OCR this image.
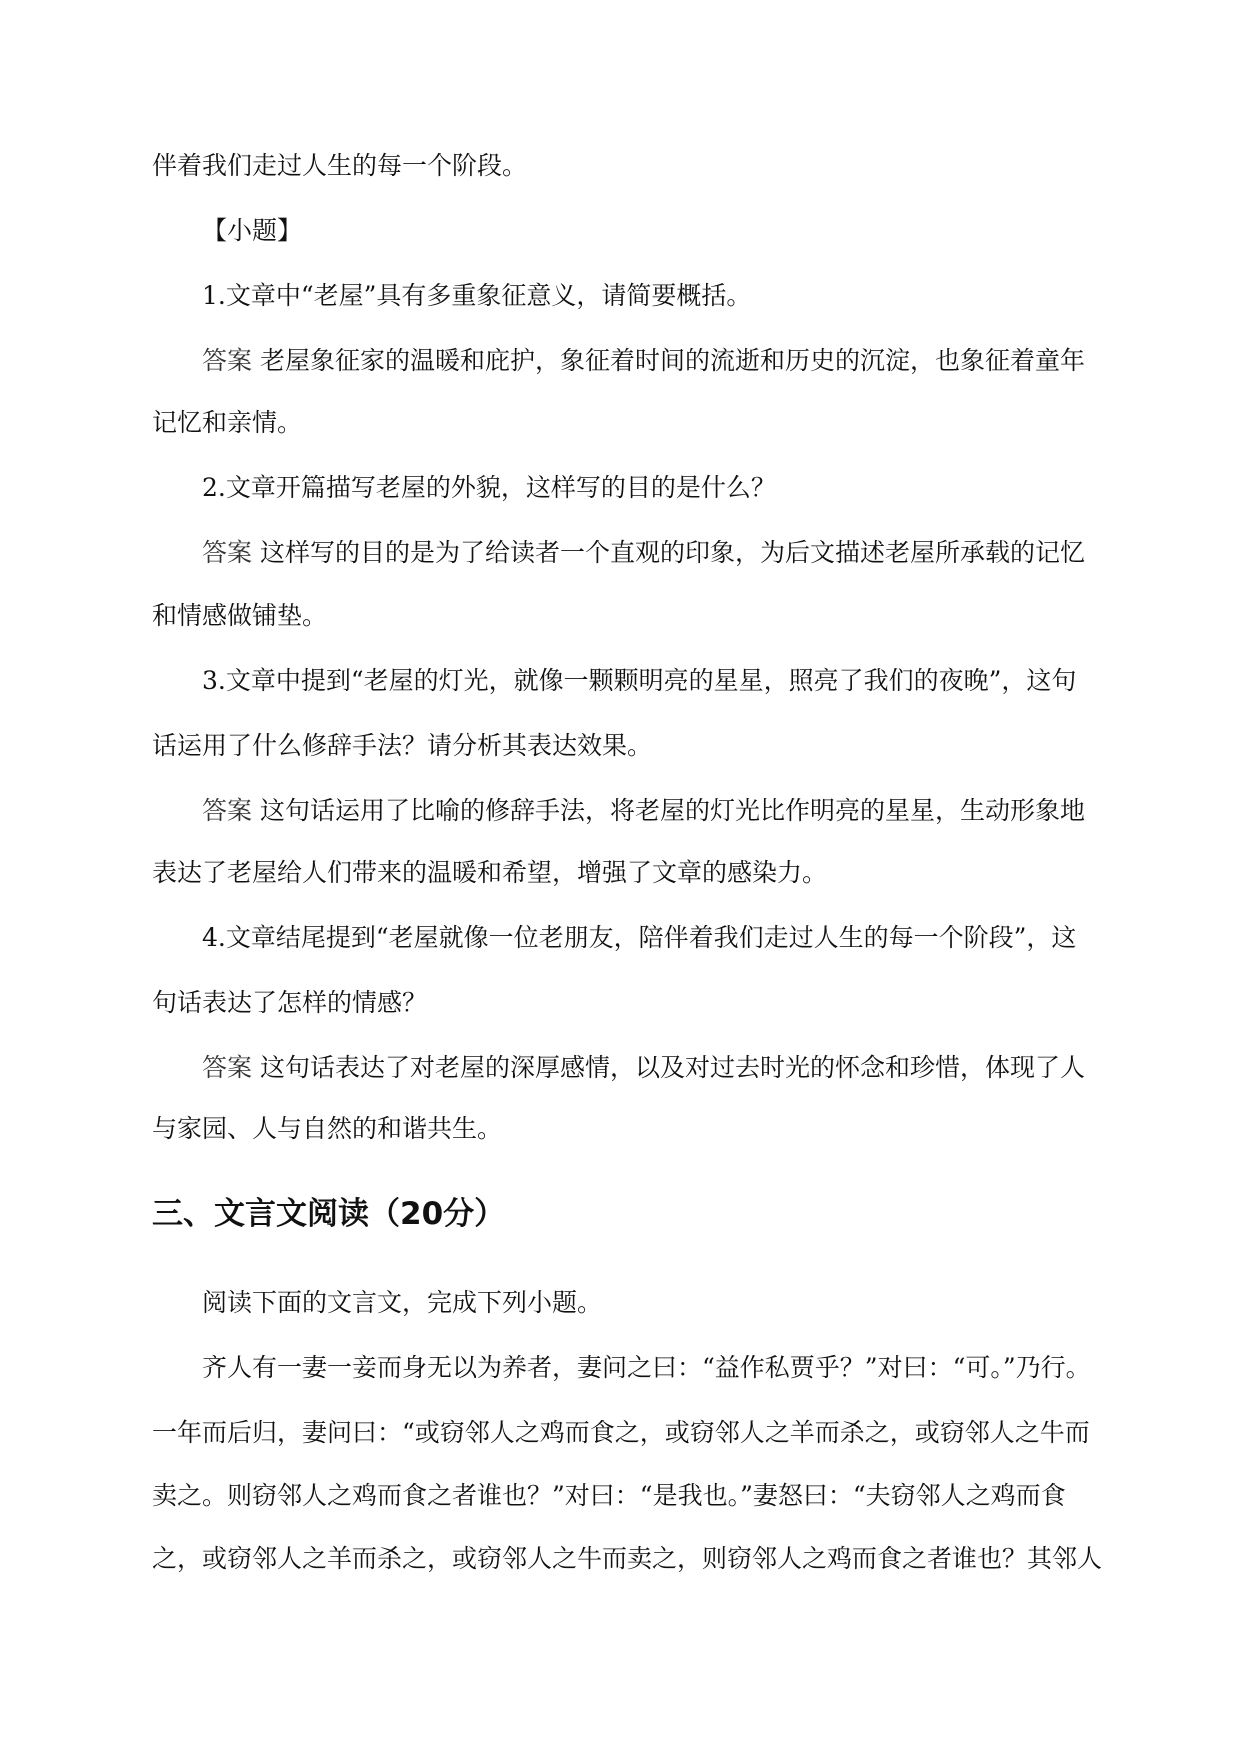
伴着我们走过人生的每一个阶段。

【小题】

1.文章中“老屋”具有多重象征意义，请简要概括。

答案 老屋象征家的温暖和庇护，象征着时间的流逝和历史的沉淀，也象征着童年

记忆和亲情。

2.文章开篇描写老屋的外貌，这样写的目的是什么？

答案 这样写的目的是为了给读者一个直观的印象，为后文描述老屋所承载的记忆

和情感做铺垫。

3.文章中提到“老屋的灯光，就像一颗颗明亮的星星，照亮了我们的夜晚”，这句

话运用了什么修辞手法？请分析其表达效果。

答案 这句话运用了比喻的修辞手法，将老屋的灯光比作明亮的星星，生动形象地

表达了老屋给人们带来的温暖和希望，增强了文章的感染力。

4.文章结尾提到“老屋就像一位老朋友，陪伴着我们走过人生的每一个阶段”，这

句话表达了怎样的情感？

答案 这句话表达了对老屋的深厚感情，以及对过去时光的怀念和珍惜，体现了人

与家园、人与自然的和谐共生。

三、文言文阅读（20分）

阅读下面的文言文，完成下列小题。

齐人有一妻一妾而身无以为养者，妻问之曰：“益作私贾乎？”对曰：“可。”乃行。

一年而后归，妻问曰：“或窃邻人之鸡而食之，或窃邻人之羊而杀之，或窃邻人之牛而

卖之。则窃邻人之鸡而食之者谁也？”对曰：“是我也。”妻怒曰：“夫窃邻人之鸡而食

之，或窃邻人之羊而杀之，或窃邻人之牛而卖之，则窃邻人之鸡而食之者谁也？其邻人
